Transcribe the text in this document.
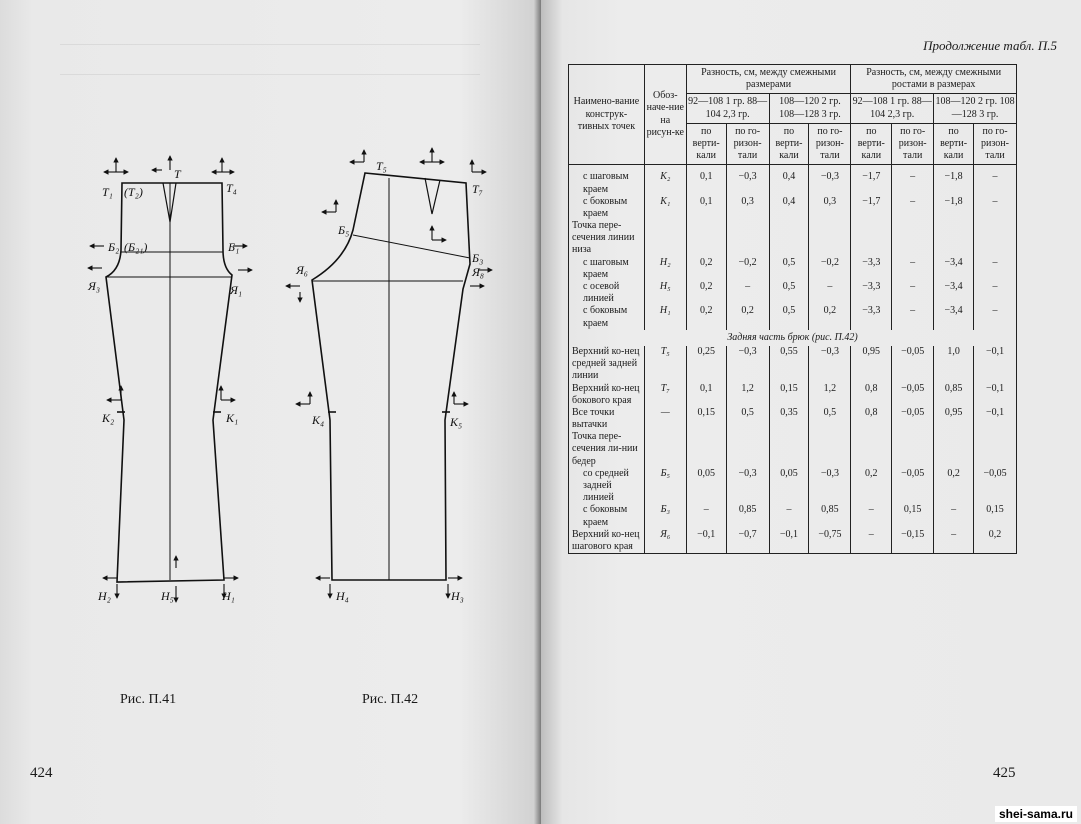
T
T₁ (T₂)	T₄
Б₂ (Б₂₁)	Б₁
Я₃	Я₁
К₂	К₁
Н₂	Н₅	Н₁
T₅
T₇
Б₅
Б₃
Я₆	Я₈
К₄	К₅
Н₄	Н₃
Рис. П.41	Рис. П.42
424
Продолжение табл. П.5
Наимено-вание конструк-тивных точек	Обоз-наче-ние на рисун-ке	Разность, см, между смежными размерами				Разность, см, между смежными ростами в размерах			
		92—108 1 гр. 88—104 2,3 гр.		108—120 2 гр. 108—128 3 гр.		92—108 1 гр. 88—104 2,3 гр.		108—120 2 гр. 108—128 3 гр.	
		по верти-кали	по го-ризон-тали	по верти-кали	по го-ризон-тали	по верти-кали	по го-ризон-тали	по верти-кали	по го-ризон-тали
с шаговым краем	К₂	0,1	−0,3	0,4	−0,3	−1,7	–	−1,8	–
с боковым краем	К₁	0,1	0,3	0,4	0,3	−1,7	–	−1,8	–
Точка пере-сечения линии низа									
с шаговым краем	Н₂	0,2	−0,2	0,5	−0,2	−3,3	–	−3,4	–
с осевой линией	Н₅	0,2	–	0,5	–	−3,3	–	−3,4	–
с боковым краем	Н₁	0,2	0,2	0,5	0,2	−3,3	–	−3,4	–
Задняя часть брюк (рис. П.42)									
Верхний ко-нец средней задней линии	Т₅	0,25	−0,3	0,55	−0,3	0,95	−0,05	1,0	−0,1
Верхний ко-нец бокового края	Т₇	0,1	1,2	0,15	1,2	0,8	−0,05	0,85	−0,1
Все точки вытачки	—	0,15	0,5	0,35	0,5	0,8	−0,05	0,95	−0,1
Точка пере-сечения ли-нии бедер									
со средней задней линией	Б₅	0,05	−0,3	0,05	−0,3	0,2	−0,05	0,2	−0,05
с боковым краем	Б₃	–	0,85	–	0,85	–	0,15	–	0,15
Верхний ко-нец шагового края	Я₆	−0,1	−0,7	−0,1	−0,75	–	−0,15	–	0,2
425
shei-sama.ru
